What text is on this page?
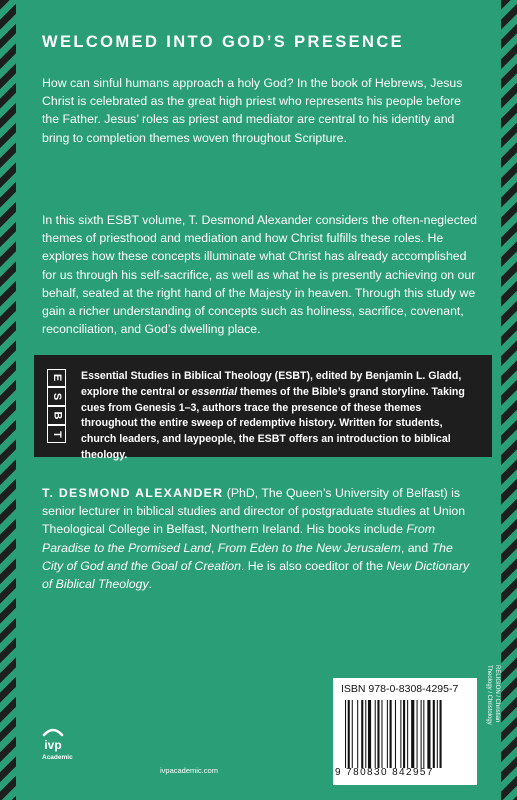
WELCOMED INTO GOD’S PRESENCE

How can sinful humans approach a holy God? In the book of Hebrews, Jesus Christ is celebrated as the great high priest who represents his people before the Father. Jesus’ roles as priest and mediator are central to his identity and bring to completion themes woven throughout Scripture.

In this sixth ESBT volume, T. Desmond Alexander considers the often-neglected themes of priesthood and mediation and how Christ fulfills these roles. He explores how these concepts illuminate what Christ has already accomplished for us through his self-sacrifice, as well as what he is presently achieving on our behalf, seated at the right hand of the Majesty in heaven. Through this study we gain a richer understanding of concepts such as holiness, sacrifice, covenant, reconciliation, and God’s dwelling place.

E
S
B
T

Essential Studies in Biblical Theology (ESBT), edited by Benjamin L. Gladd, explore the central or essential themes of the Bible’s grand storyline. Taking cues from Genesis 1–3, authors trace the presence of these themes throughout the entire sweep of redemptive history. Written for students, church leaders, and laypeople, the ESBT offers an introduction to biblical theology.

T. DESMOND ALEXANDER (PhD, The Queen’s University of Belfast) is senior lecturer in biblical studies and director of postgraduate studies at Union Theological College in Belfast, Northern Ireland. His books include From Paradise to the Promised Land, From Eden to the New Jerusalem, and The City of God and the Goal of Creation. He is also coeditor of the New Dictionary of Biblical Theology.

RELIGION / Christian Theology / Christology
ISBN 978-0-8308-4295-7
9 780830 842957
ivp
Academic
ivpacademic.com
